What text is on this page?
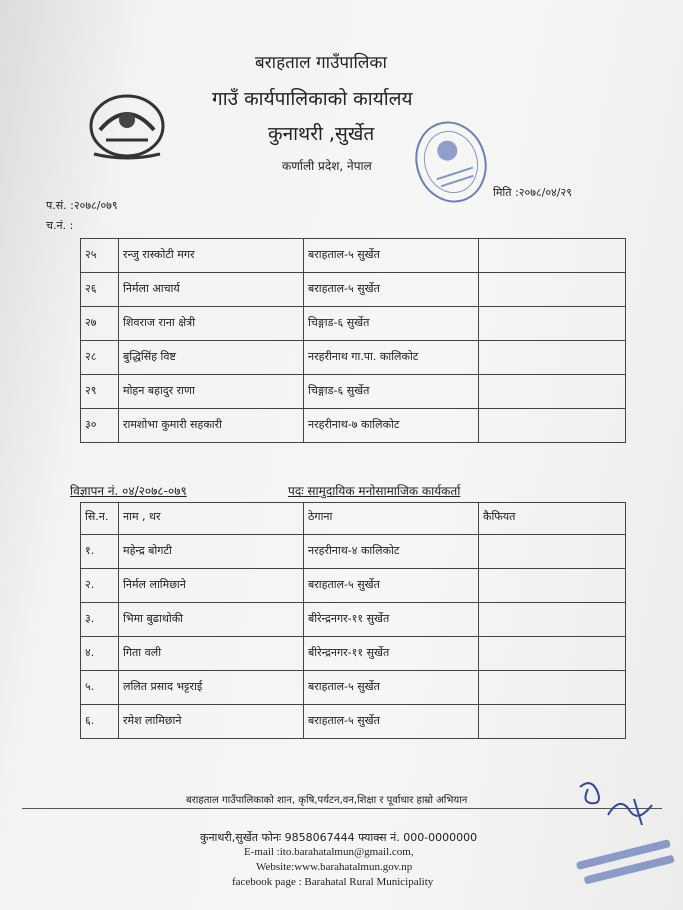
बराहताल गाउँपालिका
गाउँ कार्यपालिकाको कार्यालय
कुनाथरी ,सुर्खेत
कर्णाली प्रदेश, नेपाल
प.सं. :२०७८/०७९
च.नं. :
मिति :२०७८/०४/२९
२५	रन्जु रास्कोटी मगर	बराहताल-५ सुर्खेत	
२६	निर्मला आचार्य	बराहताल-५ सुर्खेत	
२७	शिवराज राना क्षेत्री	चिङ्गाड-६ सुर्खेत	
२८	बुद्धिसिंह विष्ट	नरहरीनाथ गा.पा. कालिकोट	
२९	मोहन बहादुर राणा	चिङ्गाड-६ सुर्खेत	
३०	रामशोभा कुमारी सहकारी	नरहरीनाथ-७ कालिकोट	
विज्ञापन नं. ०४/२०७८-०७९	पदः सामुदायिक मनोसामाजिक कार्यकर्ता
सि.न.	नाम , थर	ठेगाना	कैफियत
१.	महेन्द्र बोगटी	नरहरीनाथ-४ कालिकोट	
२.	निर्मल लामिछाने	बराहताल-५ सुर्खेत	
३.	भिमा बुढाथोकी	बीरेन्द्रनगर-११ सुर्खेत	
४.	गिता वली	बीरेन्द्रनगर-११ सुर्खेत	
५.	ललित प्रसाद भट्टराई	बराहताल-५ सुर्खेत	
६.	रमेश लामिछाने	बराहताल-५ सुर्खेत	
बराहताल गाउँपालिकाको शान, कृषि,पर्यटन,वन,शिक्षा र पूर्वाधार हाम्रो अभियान
कुनाथरी,सुर्खेत फोनः 9858067444 फ्याक्स नं. 000-0000000
E-mail :ito.barahatalmun@gmail.com,
Website:www.barahatalmun.gov.np
facebook page : Barahatal Rural Municipality
